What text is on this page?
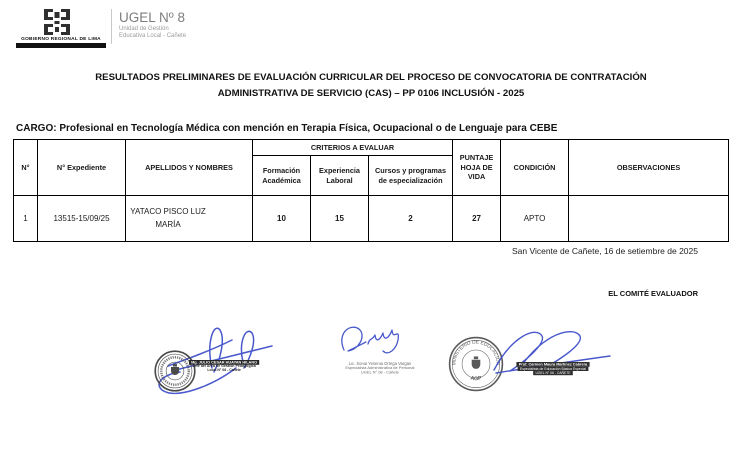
GOBIERNO REGIONAL DE LIMA
UGEL Nº 8
Unidad de Gestión
Educativa Local - Cañete
RESULTADOS PRELIMINARES DE EVALUACIÓN CURRICULAR DEL PROCESO DE CONVOCATORIA DE CONTRATACIÓN
ADMINISTRATIVA DE SERVICIO (CAS) – PP 0106 INCLUSIÓN - 2025
CARGO: Profesional en Tecnología Médica con mención en Terapia Física, Ocupacional o de Lenguaje para CEBE
N°	N° Expediente	APELLIDOS Y NOMBRES	CRITERIOS A EVALUAR			PUNTAJE HOJA DE VIDA	CONDICIÓN	OBSERVACIONES
			Formación Académica	Experiencia Laboral	Cursos y programas de especialización			
1	13515-15/09/25	YATACO PISCO LUZ MARÍA	10	15	2	27	APTO	
San Vicente de Cañete, 16 de setiembre de 2025
EL COMITÉ EVALUADOR
Mg. JULIO CESAR HUAYAN HILANO
Jefe del Área de Gestión Pedagógica
Local N° 08 - Cañete
Lic. Sonia Yesenia Ortega Vargas
Especialista Administrativa de Personal
UGEL N° 08 - Cañete
MINISTERIO DE EDUCACIÓN
AGP
Prof. Carmen Maura Martínez Cabrera
Especialista de Educación Básica Especial
UGEL N° 08 - CAÑETE
